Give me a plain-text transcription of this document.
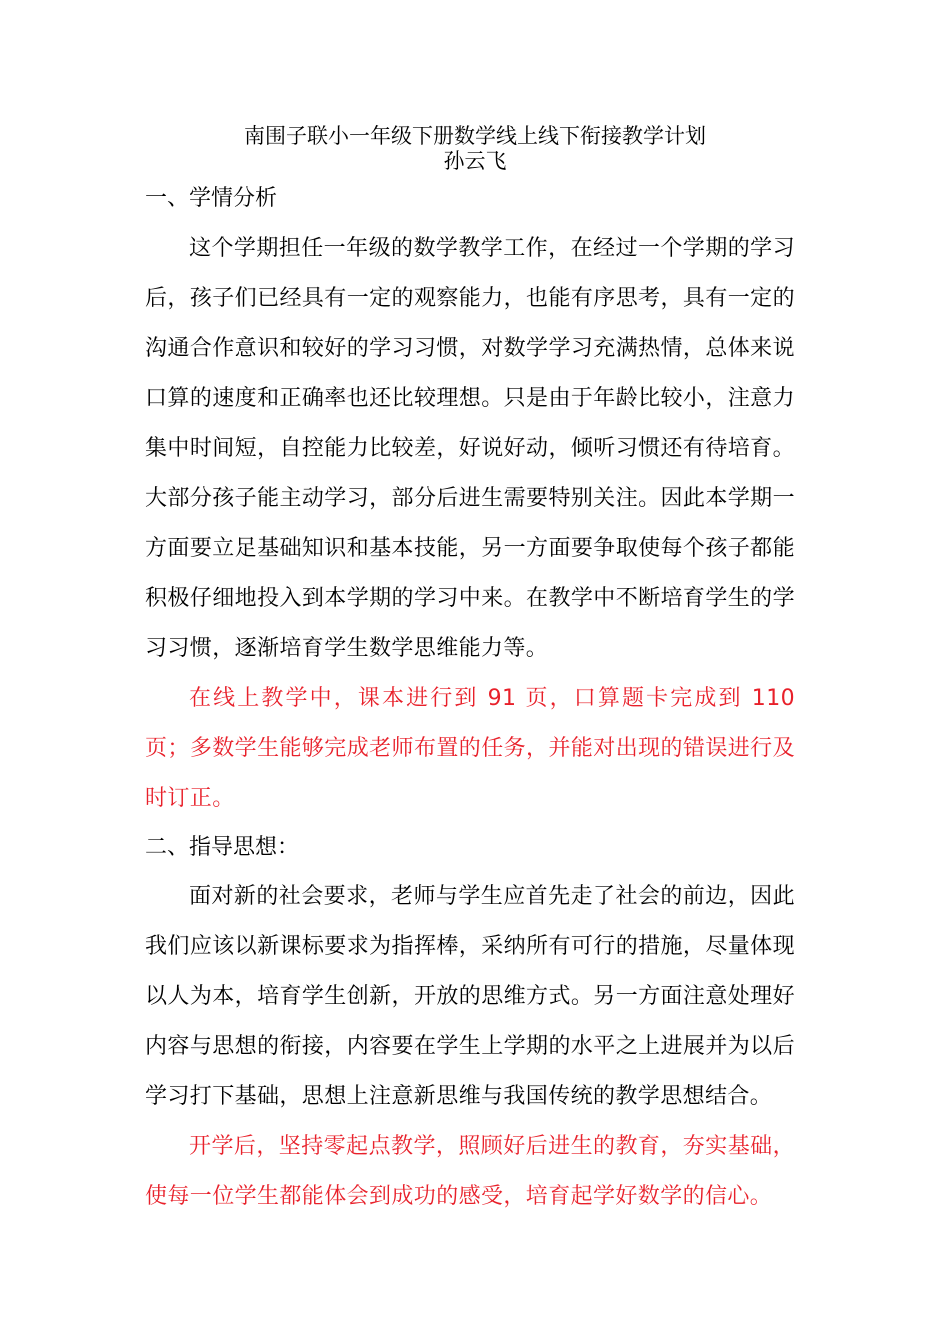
南围子联小一年级下册数学线上线下衔接教学计划
孙云飞
一、学情分析
这个学期担任一年级的数学教学工作，在经过一个学期的学习后，孩子们已经具有一定的观察能力，也能有序思考，具有一定的沟通合作意识和较好的学习习惯，对数学学习充满热情，总体来说口算的速度和正确率也还比较理想。只是由于年龄比较小，注意力集中时间短，自控能力比较差，好说好动，倾听习惯还有待培育。大部分孩子能主动学习，部分后进生需要特别关注。因此本学期一方面要立足基础知识和基本技能，另一方面要争取使每个孩子都能积极仔细地投入到本学期的学习中来。在教学中不断培育学生的学习习惯，逐渐培育学生数学思维能力等。
在线上教学中，课本进行到 91 页，口算题卡完成到 110 页；多数学生能够完成老师布置的任务，并能对出现的错误进行及时订正。
二、指导思想：
面对新的社会要求，老师与学生应首先走了社会的前边，因此我们应该以新课标要求为指挥棒，采纳所有可行的措施，尽量体现以人为本，培育学生创新，开放的思维方式。另一方面注意处理好内容与思想的衔接，内容要在学生上学期的水平之上进展并为以后学习打下基础，思想上注意新思维与我国传统的教学思想结合。
开学后，坚持零起点教学，照顾好后进生的教育，夯实基础，使每一位学生都能体会到成功的感受，培育起学好数学的信心。
